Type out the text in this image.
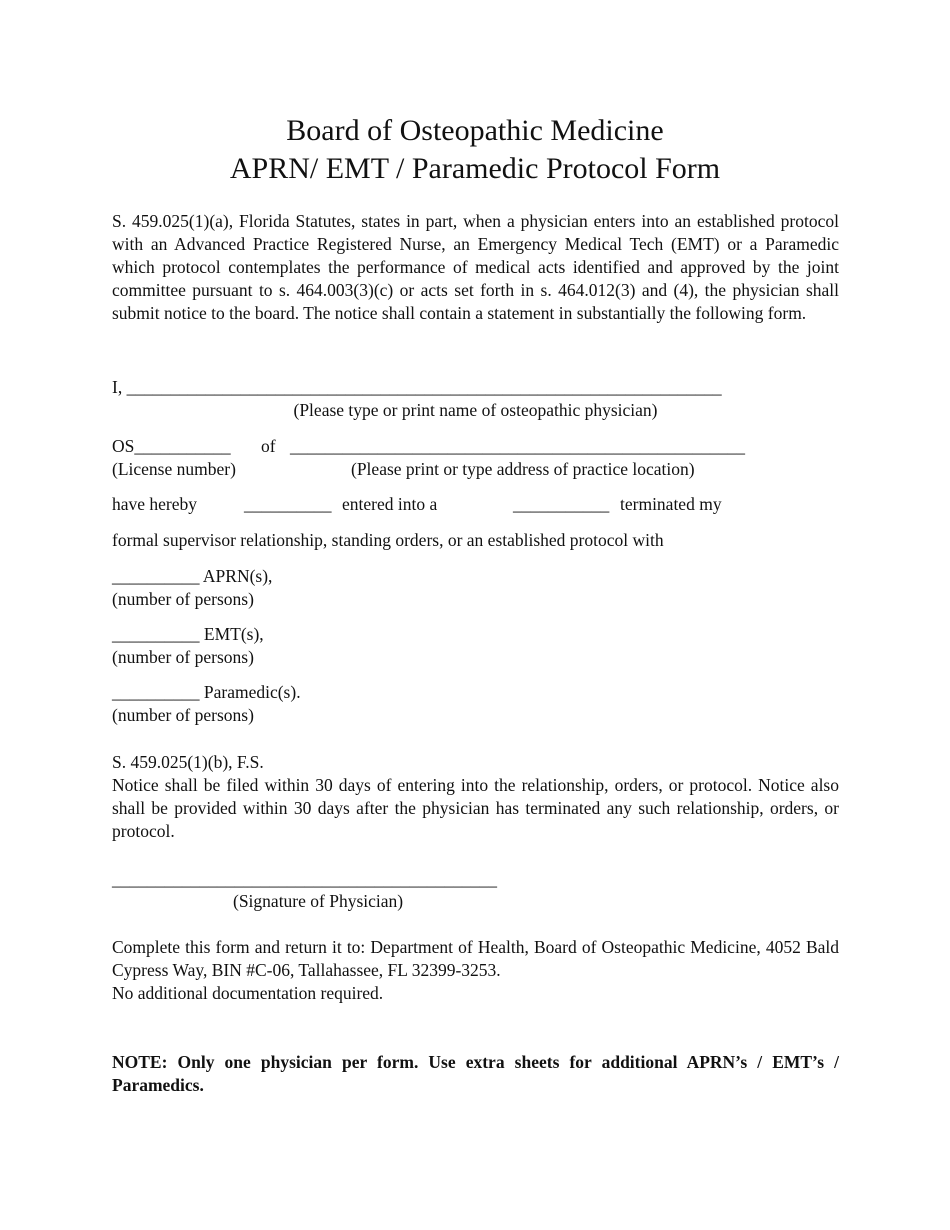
Board of Osteopathic Medicine

APRN/ EMT / Paramedic Protocol Form

S. 459.025(1)(a), Florida Statutes, states in part, when a physician enters into an established protocol with an Advanced Practice Registered Nurse, an Emergency Medical Tech (EMT) or a Paramedic which protocol contemplates the performance of medical acts identified and approved by the joint committee pursuant to s. 464.003(3)(c) or acts set forth in s. 464.012(3) and (4), the physician shall submit notice to the board. The notice shall contain a statement in substantially the following form.

I, ____________________________________________________________________

(Please type or print name of osteopathic physician)

OS___________ of ____________________________________________________

(License number)	(Please print or type address of practice location)

have hereby	__________ entered into a	___________ terminated my

formal supervisor relationship, standing orders, or an established protocol with

__________ APRN(s),

(number of persons)

__________ EMT(s),

(number of persons)

__________ Paramedic(s).

(number of persons)

S. 459.025(1)(b), F.S.

Notice shall be filed within 30 days of entering into the relationship, orders, or protocol. Notice also shall be provided within 30 days after the physician has terminated any such relationship, orders, or protocol.

____________________________________________

(Signature of Physician)

Complete this form and return it to: Department of Health, Board of Osteopathic Medicine, 4052 Bald Cypress Way, BIN #C-06, Tallahassee, FL 32399-3253.

No additional documentation required.

NOTE: Only one physician per form. Use extra sheets for additional APRN’s / EMT’s / Paramedics.
